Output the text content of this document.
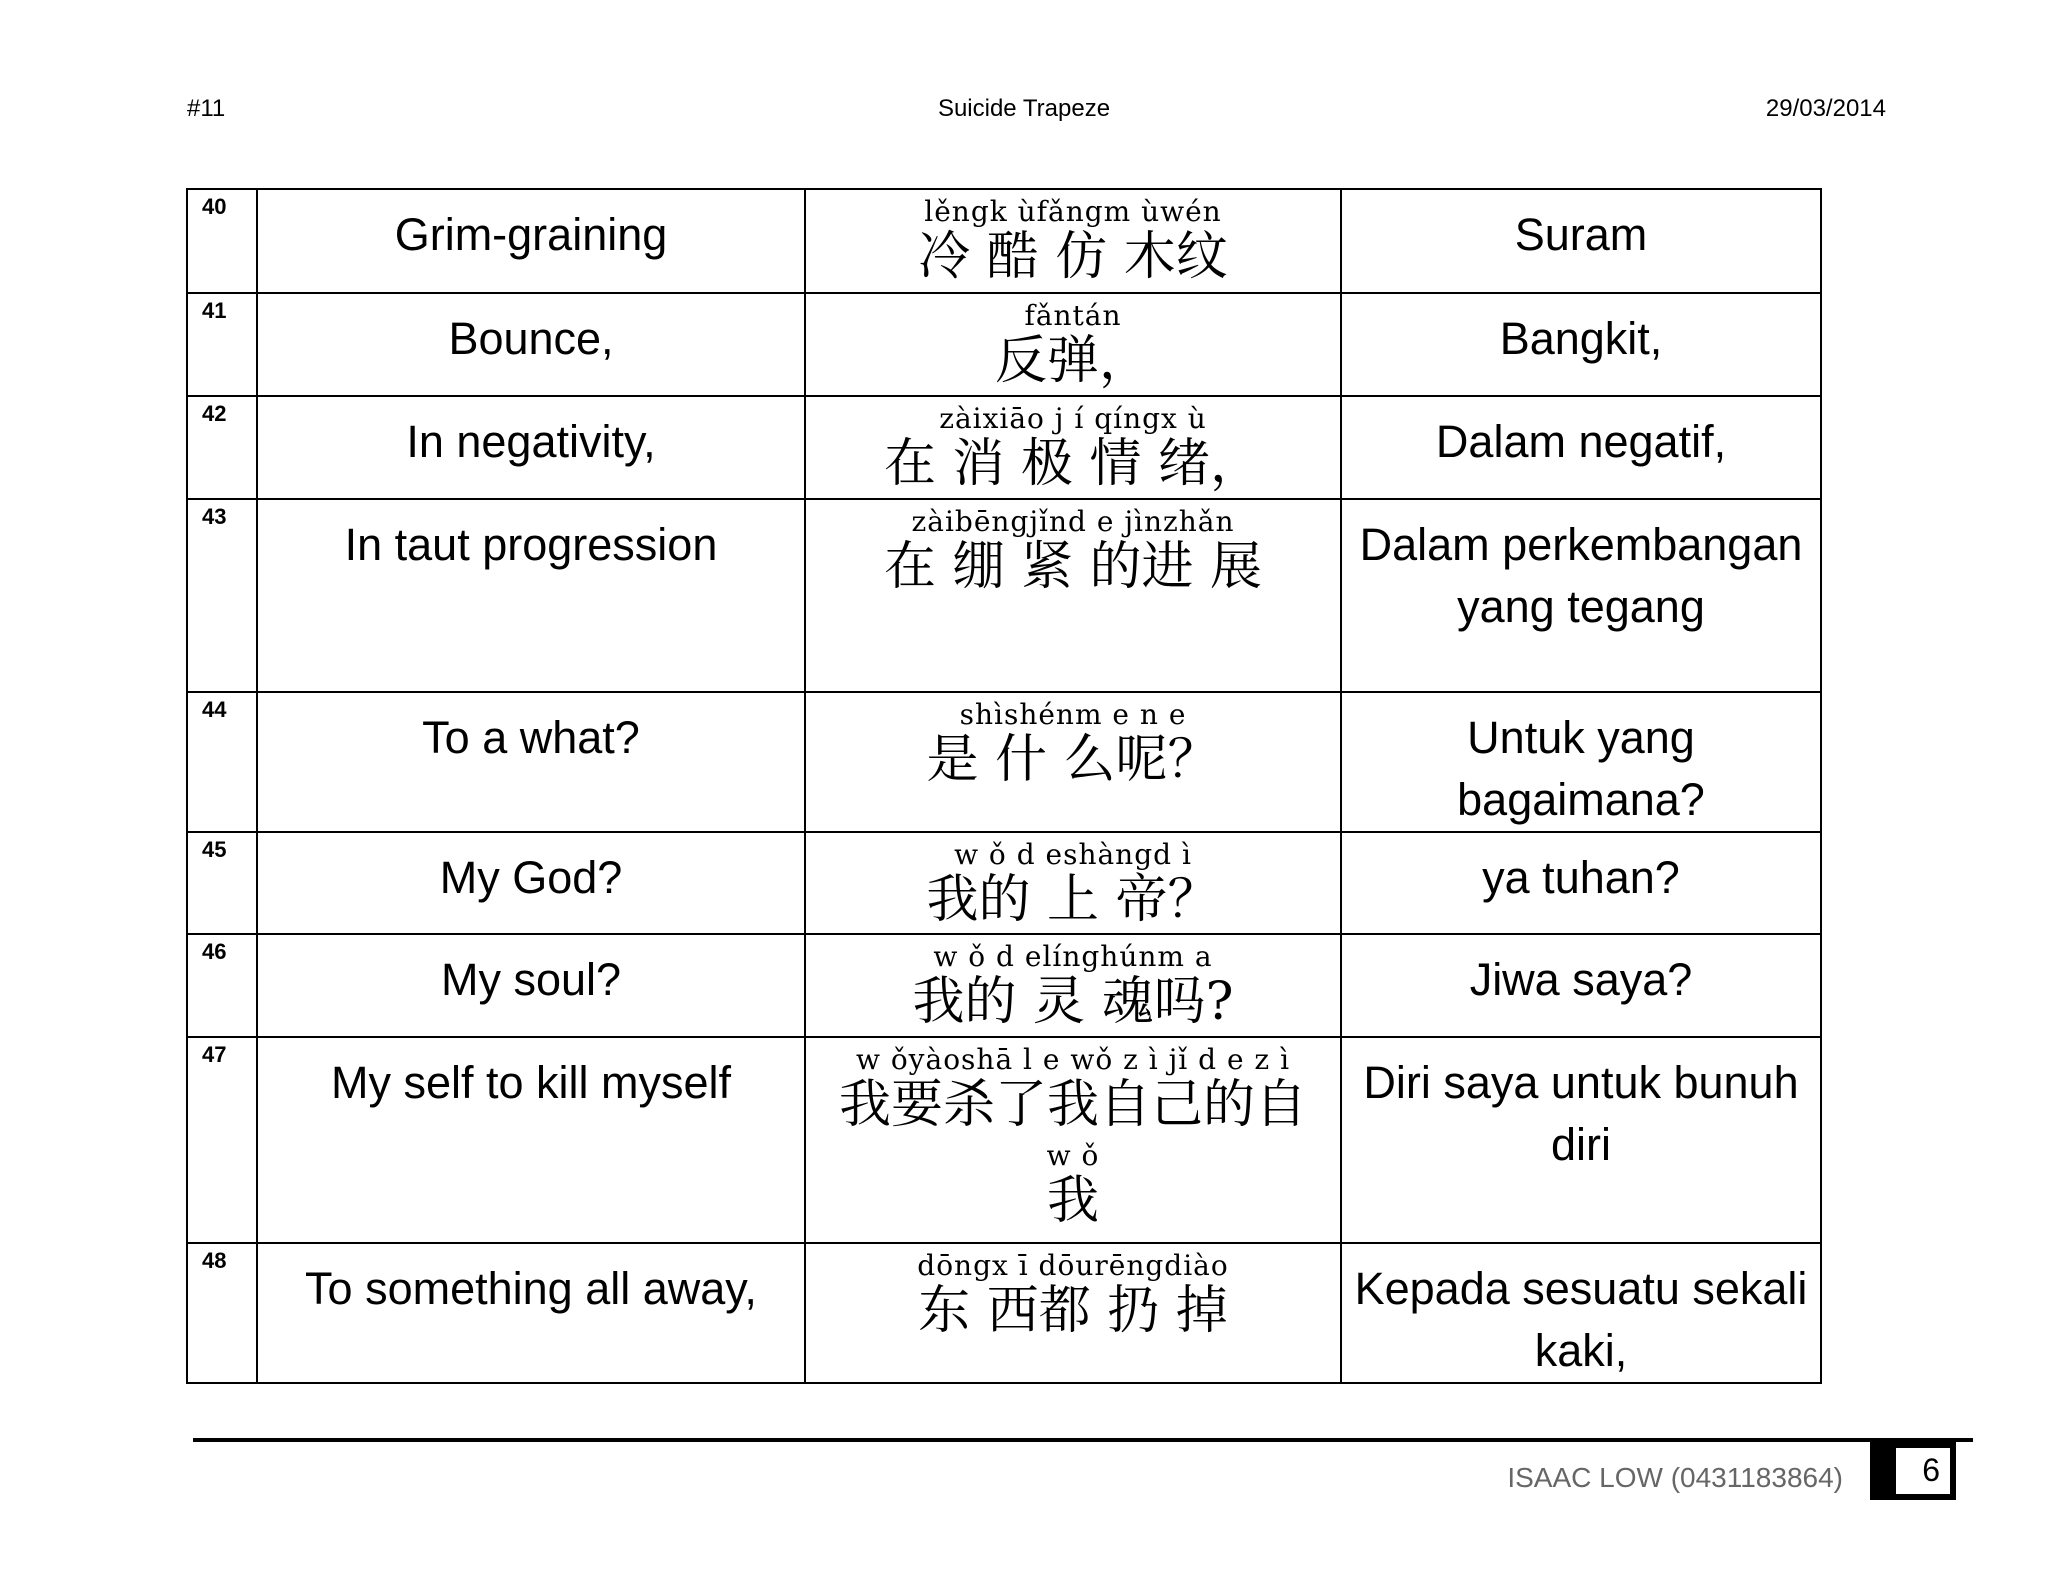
#11	Suicide Trapeze	29/03/2014
40	Grim-graining	lěngk ùfǎngm ùwén
冷 酷 仿 木纹	Suram
41	Bounce,	fǎntán
反弹，	Bangkit,
42	In negativity,	zàixiāo j í qíngx ù
在 消 极 情 绪，	Dalam negatif,
43	In taut progression	zàibēngjǐnd e jìnzhǎn
在 绷 紧 的进 展	Dalam perkembangan yang tegang
44	To a what?	shìshénm e n e
是 什 么呢？	Untuk yang bagaimana?
45	My God?	w ǒ d eshàngd ì
我的 上 帝？	ya tuhan?
46	My soul?	w ǒ d elínghúnm a
我的 灵 魂吗?	Jiwa saya?
47	My self to kill myself	w ǒyàoshā l e wǒ z ì jǐ d e z ì
我要杀了我自己的自
w ǒ
我	Diri saya untuk bunuh diri
48	To something all away,	dōngx ī dōurēngdiào
东 西都 扔 掉	Kepada sesuatu sekali kaki,
ISAAC LOW (0431183864)	6
